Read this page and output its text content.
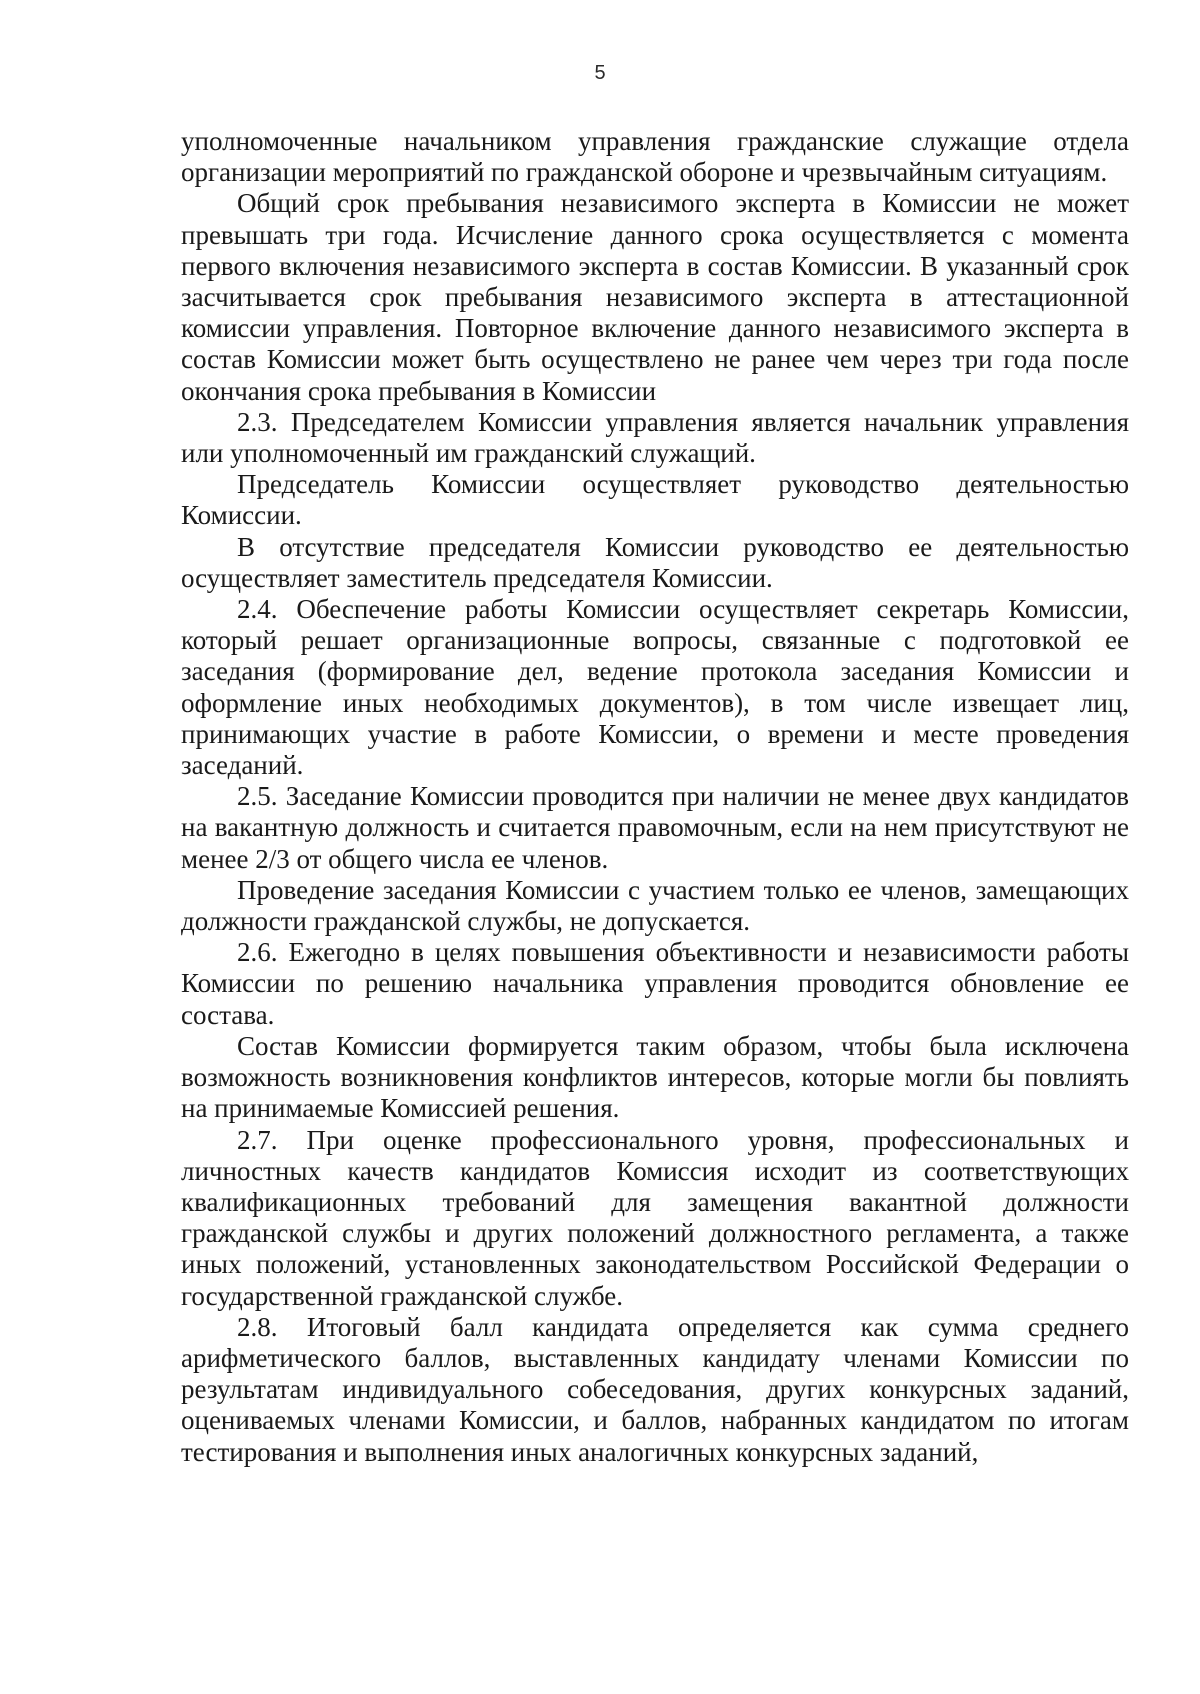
5

уполномоченные начальником управления гражданские служащие отдела организации мероприятий по гражданской обороне и чрезвычайным ситуациям.

Общий срок пребывания независимого эксперта в Комиссии не может превышать три года. Исчисление данного срока осуществляется с момента первого включения независимого эксперта в состав Комиссии. В указанный срок засчитывается срок пребывания независимого эксперта в аттестационной комиссии управления. Повторное включение данного независимого эксперта в состав Комиссии может быть осуществлено не ранее чем через три года после окончания срока пребывания в Комиссии

2.3. Председателем Комиссии управления является начальник управления или уполномоченный им гражданский служащий.

Председатель Комиссии осуществляет руководство деятельностью Комиссии.

В отсутствие председателя Комиссии руководство ее деятельностью осуществляет заместитель председателя Комиссии.

2.4. Обеспечение работы Комиссии осуществляет секретарь Комиссии, который решает организационные вопросы, связанные с подготовкой ее заседания (формирование дел, ведение протокола заседания Комиссии и оформление иных необходимых документов), в том числе извещает лиц, принимающих участие в работе Комиссии, о времени и месте проведения заседаний.

2.5. Заседание Комиссии проводится при наличии не менее двух кандидатов на вакантную должность и считается правомочным, если на нем присутствуют не менее 2/3 от общего числа ее членов.

Проведение заседания Комиссии с участием только ее членов, замещающих должности гражданской службы, не допускается.

2.6. Ежегодно в целях повышения объективности и независимости работы Комиссии по решению начальника управления проводится обновление ее состава.

Состав Комиссии формируется таким образом, чтобы была исключена возможность возникновения конфликтов интересов, которые могли бы повлиять на принимаемые Комиссией решения.

2.7. При оценке профессионального уровня, профессиональных и личностных качеств кандидатов Комиссия исходит из соответствующих квалификационных требований для замещения вакантной должности гражданской службы и других положений должностного регламента, а также иных положений, установленных законодательством Российской Федерации о государственной гражданской службе.

2.8. Итоговый балл кандидата определяется как сумма среднего арифметического баллов, выставленных кандидату членами Комиссии по результатам индивидуального собеседования, других конкурсных заданий, оцениваемых членами Комиссии, и баллов, набранных кандидатом по итогам тестирования и выполнения иных аналогичных конкурсных заданий,
